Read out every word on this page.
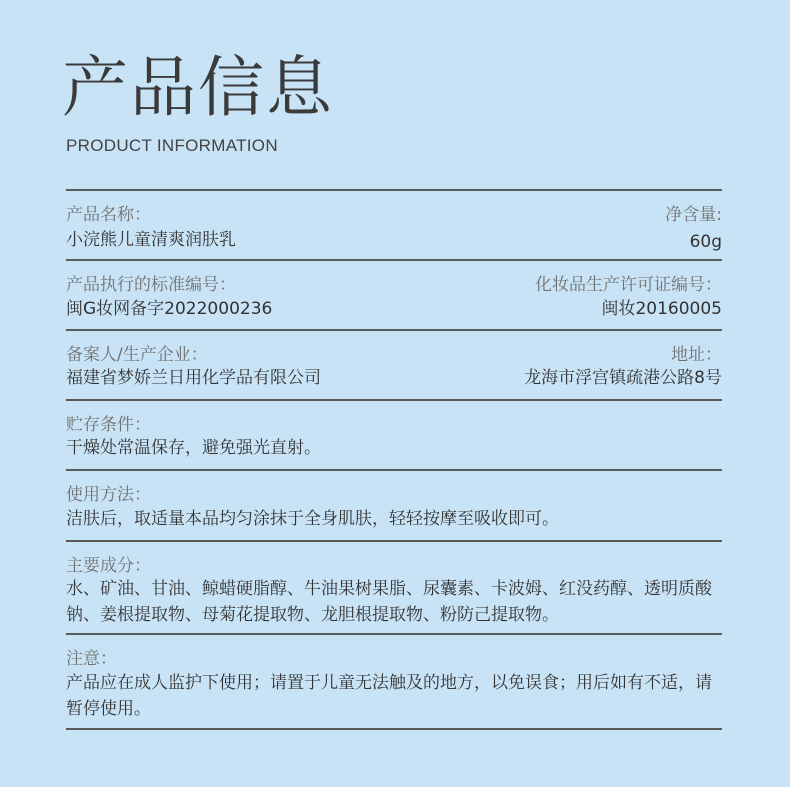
产品信息
PRODUCT INFORMATION
产品名称：
小浣熊儿童清爽润肤乳
净含量:
60g
产品执行的标准编号：
闽G妆网备字2022000236
化妆品生产许可证编号：
闽妆20160005
备案人/生产企业：
福建省梦娇兰日用化学品有限公司
地址：
龙海市浮宫镇疏港公路8号
贮存条件：
干燥处常温保存，避免强光直射。
使用方法：
洁肤后，取适量本品均匀涂抹于全身肌肤，轻轻按摩至吸收即可。
主要成分：
水、矿油、甘油、鲸蜡硬脂醇、牛油果树果脂、尿囊素、卡波姆、红没药醇、透明质酸钠、姜根提取物、母菊花提取物、龙胆根提取物、粉防己提取物。
注意：
产品应在成人监护下使用；请置于儿童无法触及的地方，以免误食；用后如有不适，请暂停使用。
